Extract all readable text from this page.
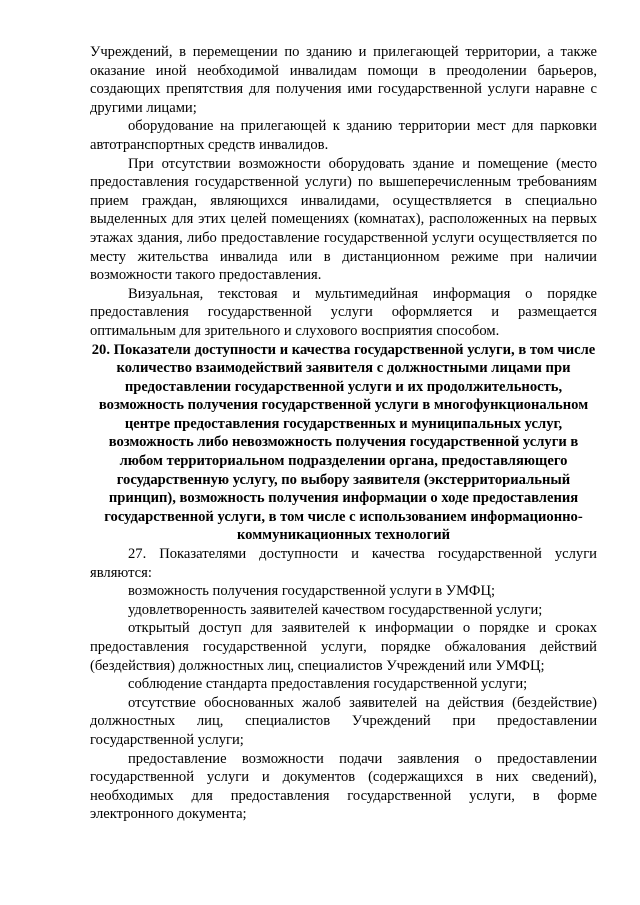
Учреждений, в перемещении по зданию и прилегающей территории, а также оказание иной необходимой инвалидам помощи в преодолении барьеров, создающих препятствия для получения ими государственной услуги наравне с другими лицами;

оборудование на прилегающей к зданию территории мест для парковки автотранспортных средств инвалидов.

При отсутствии возможности оборудовать здание и помещение (место предоставления государственной услуги) по вышеперечисленным требованиям прием граждан, являющихся инвалидами, осуществляется в специально выделенных для этих целей помещениях (комнатах), расположенных на первых этажах здания, либо предоставление государственной услуги осуществляется по месту жительства инвалида или в дистанционном режиме при наличии возможности такого предоставления.

Визуальная, текстовая и мультимедийная информация о порядке предоставления государственной услуги оформляется и размещается оптимальным для зрительного и слухового восприятия способом.

20. Показатели доступности и качества государственной услуги, в том числе количество взаимодействий заявителя с должностными лицами при предоставлении государственной услуги и их продолжительность, возможность получения государственной услуги в многофункциональном центре предоставления государственных и муниципальных услуг, возможность либо невозможность получения государственной услуги в любом территориальном подразделении органа, предоставляющего государственную услугу, по выбору заявителя (экстерриториальный принцип), возможность получения информации о ходе предоставления государственной услуги, в том числе с использованием информационно-коммуникационных технологий

27. Показателями доступности и качества государственной услуги являются:

возможность получения государственной услуги в УМФЦ;

удовлетворенность заявителей качеством государственной услуги;

открытый доступ для заявителей к информации о порядке и сроках предоставления государственной услуги, порядке обжалования действий (бездействия) должностных лиц, специалистов Учреждений или УМФЦ;

соблюдение стандарта предоставления государственной услуги;

отсутствие обоснованных жалоб заявителей на действия (бездействие) должностных лиц, специалистов Учреждений при предоставлении государственной услуги;

предоставление возможности подачи заявления о предоставлении государственной услуги и документов (содержащихся в них сведений), необходимых для предоставления государственной услуги, в форме электронного документа;
